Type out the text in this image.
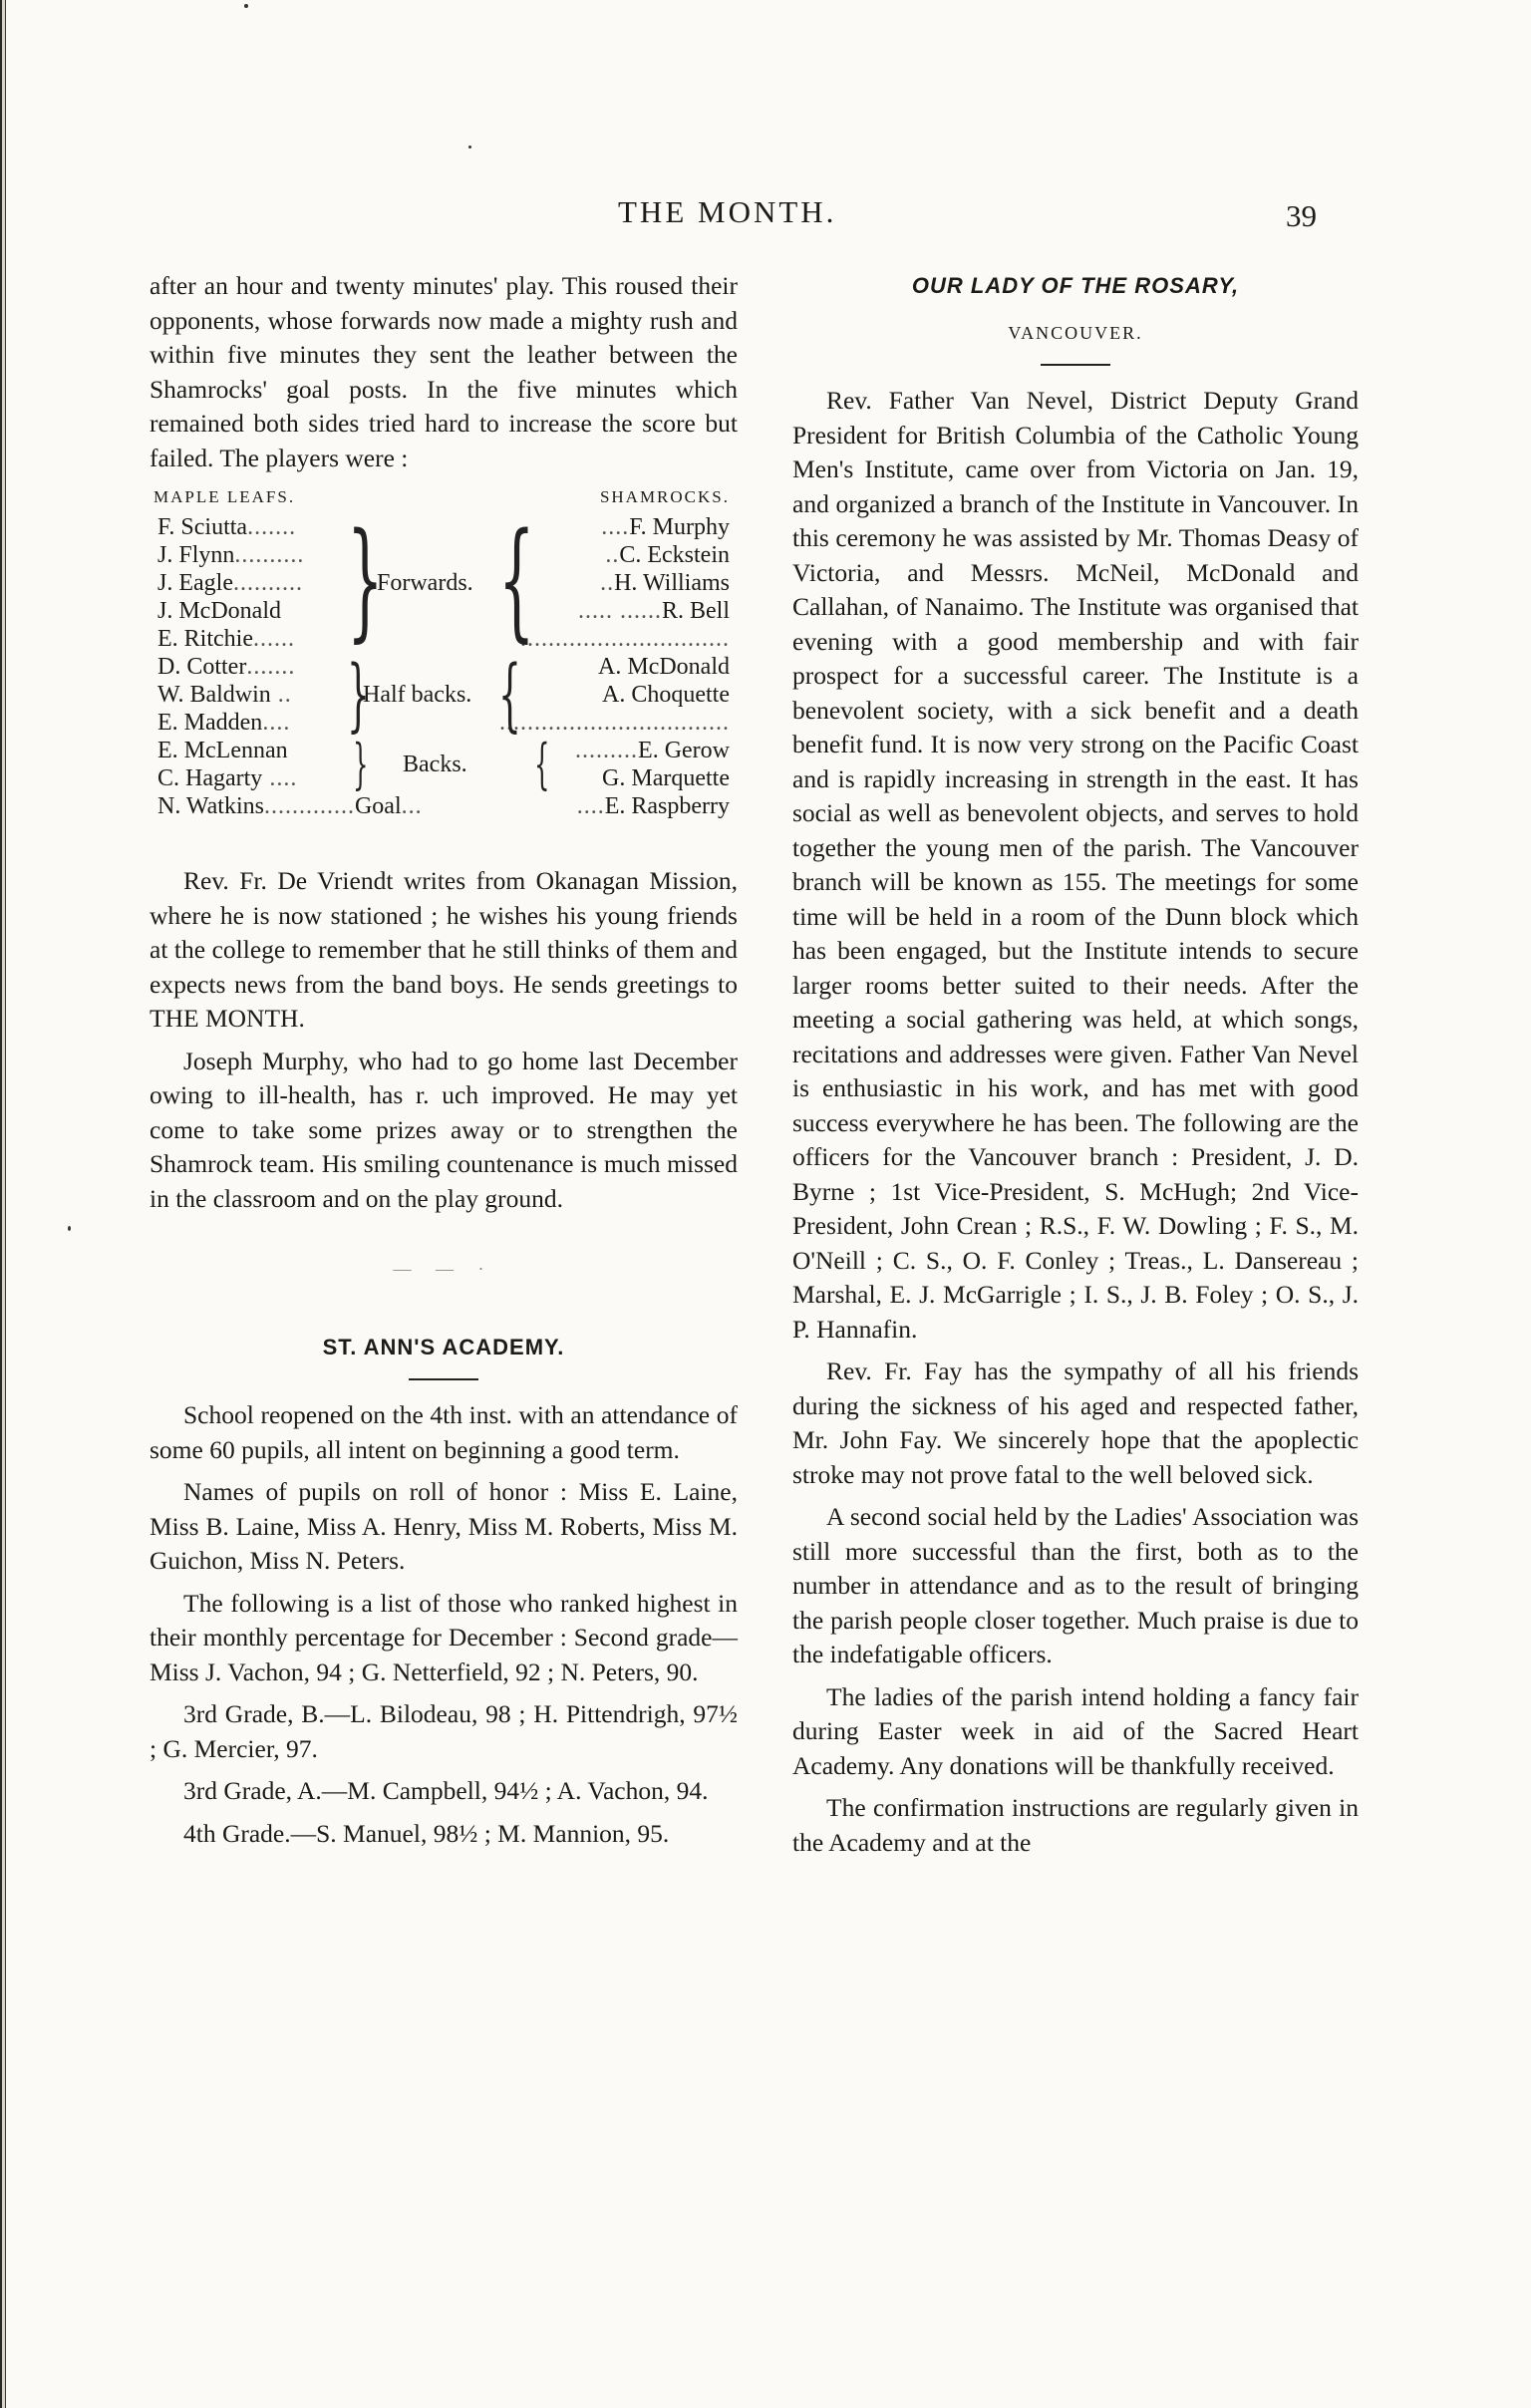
THE MONTH.	39

after an hour and twenty minutes' play. This roused their opponents, whose forwards now made a mighty rush and within five minutes they sent the leather between the Shamrocks' goal posts. In the five minutes which remained both sides tried hard to increase the score but failed. The players were :

MAPLE LEAFS.	SHAMROCKS.
F. Sciutta.......	....F. Murphy
J. Flynn..........	..C. Eckstein
J. Eagle..........	..H. Williams
J. McDonald	..... ......R. Bell
E. Ritchie......	..............................
D. Cotter.......	A. McDonald
W. Baldwin ..	A. Choquette
E. Madden....	.................................
E. McLennan	.........E. Gerow
C. Hagarty ....	G. Marquette
N. Watkins.............Goal...	....E. Raspberry
}
Forwards. {
}
Half backs. {
} Backs. {

Rev. Fr. De Vriendt writes from Okanagan Mission, where he is now stationed ; he wishes his young friends at the college to remember that he still thinks of them and expects news from the band boys. He sends greetings to THE MONTH.

Joseph Murphy, who had to go home last December owing to ill-health, has r. uch improved. He may yet come to take some prizes away or to strengthen the Shamrock team. His smiling countenance is much missed in the classroom and on the play ground.

— — ·
ST. ANN'S ACADEMY.

School reopened on the 4th inst. with an attendance of some 60 pupils, all intent on beginning a good term.

Names of pupils on roll of honor : Miss E. Laine, Miss B. Laine, Miss A. Henry, Miss M. Roberts, Miss M. Guichon, Miss N. Peters.

The following is a list of those who ranked highest in their monthly percentage for December : Second grade—Miss J. Vachon, 94 ; G. Netterfield, 92 ; N. Peters, 90.

3rd Grade, B.—L. Bilodeau, 98 ; H. Pittendrigh, 97½ ; G. Mercier, 97.

3rd Grade, A.—M. Campbell, 94½ ; A. Vachon, 94.

4th Grade.—S. Manuel, 98½ ; M. Mannion, 95.

OUR LADY OF THE ROSARY,
VANCOUVER.

Rev. Father Van Nevel, District Deputy Grand President for British Columbia of the Catholic Young Men's Institute, came over from Victoria on Jan. 19, and organized a branch of the Institute in Vancouver. In this ceremony he was assisted by Mr. Thomas Deasy of Victoria, and Messrs. McNeil, McDonald and Callahan, of Nanaimo. The Institute was organised that evening with a good membership and with fair prospect for a successful career. The Institute is a benevolent society, with a sick benefit and a death benefit fund. It is now very strong on the Pacific Coast and is rapidly increasing in strength in the east. It has social as well as benevolent objects, and serves to hold together the young men of the parish. The Vancouver branch will be known as 155. The meetings for some time will be held in a room of the Dunn block which has been engaged, but the Institute intends to secure larger rooms better suited to their needs. After the meeting a social gathering was held, at which songs, recitations and addresses were given. Father Van Nevel is enthusiastic in his work, and has met with good success everywhere he has been. The following are the officers for the Vancouver branch : President, J. D. Byrne ; 1st Vice-President, S. McHugh; 2nd Vice-President, John Crean ; R.S., F. W. Dowling ; F. S., M. O'Neill ; C. S., O. F. Conley ; Treas., L. Dansereau ; Marshal, E. J. McGarrigle ; I. S., J. B. Foley ; O. S., J. P. Hannafin.

Rev. Fr. Fay has the sympathy of all his friends during the sickness of his aged and respected father, Mr. John Fay. We sincerely hope that the apoplectic stroke may not prove fatal to the well beloved sick.

A second social held by the Ladies' Association was still more successful than the first, both as to the number in attendance and as to the result of bringing the parish people closer together. Much praise is due to the indefatigable officers.

The ladies of the parish intend holding a fancy fair during Easter week in aid of the Sacred Heart Academy. Any donations will be thankfully received.

The confirmation instructions are regularly given in the Academy and at the
